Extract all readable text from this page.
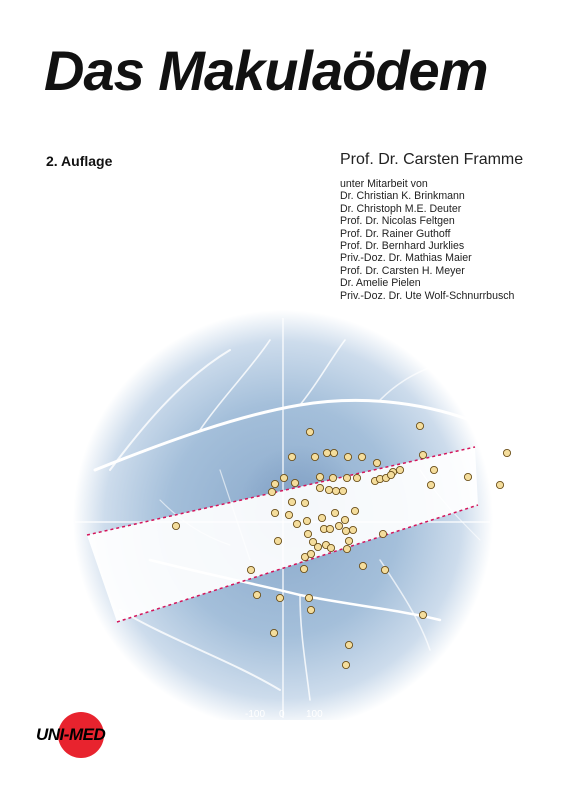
Das Makulaödem
2. Auflage	Prof. Dr. Carsten Framme
unter Mitarbeit von
Dr. Christian K. Brinkmann
Dr. Christoph M.E. Deuter
Prof. Dr. Nicolas Feltgen
Prof. Dr. Rainer Guthoff
Prof. Dr. Bernhard Jurklies
Priv.-Doz. Dr. Mathias Maier
Prof. Dr. Carsten H. Meyer
Dr. Amelie Pielen
Priv.-Doz. Dr. Ute Wolf-Schnurrbusch
-100 0 100
UNI-MED
